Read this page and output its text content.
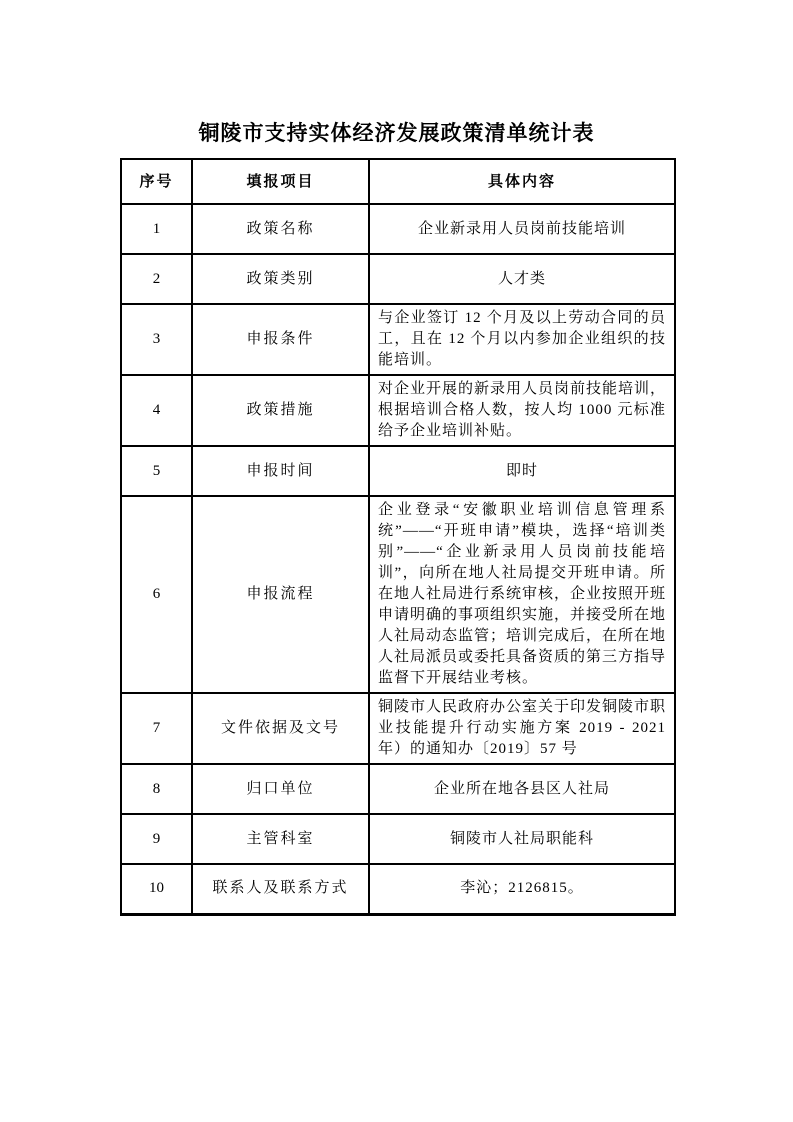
铜陵市支持实体经济发展政策清单统计表
序号	填报项目	具体内容
1	政策名称	企业新录用人员岗前技能培训
2	政策类别	人才类
3	申报条件	与企业签订 12 个月及以上劳动合同的员工，且在 12 个月以内参加企业组织的技能培训。
4	政策措施	对企业开展的新录用人员岗前技能培训，根据培训合格人数，按人均 1000 元标准给予企业培训补贴。
5	申报时间	即时
6	申报流程	企业登录“安徽职业培训信息管理系统”——“开班申请”模块，选择“培训类别”——“企业新录用人员岗前技能培训”，向所在地人社局提交开班申请。所在地人社局进行系统审核，企业按照开班申请明确的事项组织实施，并接受所在地人社局动态监管；培训完成后，在所在地人社局派员或委托具备资质的第三方指导监督下开展结业考核。
7	文件依据及文号	铜陵市人民政府办公室关于印发铜陵市职业技能提升行动实施方案 2019 - 2021 年）的通知办〔2019〕57 号
8	归口单位	企业所在地各县区人社局
9	主管科室	铜陵市人社局职能科
10	联系人及联系方式	李沁；2126815。
